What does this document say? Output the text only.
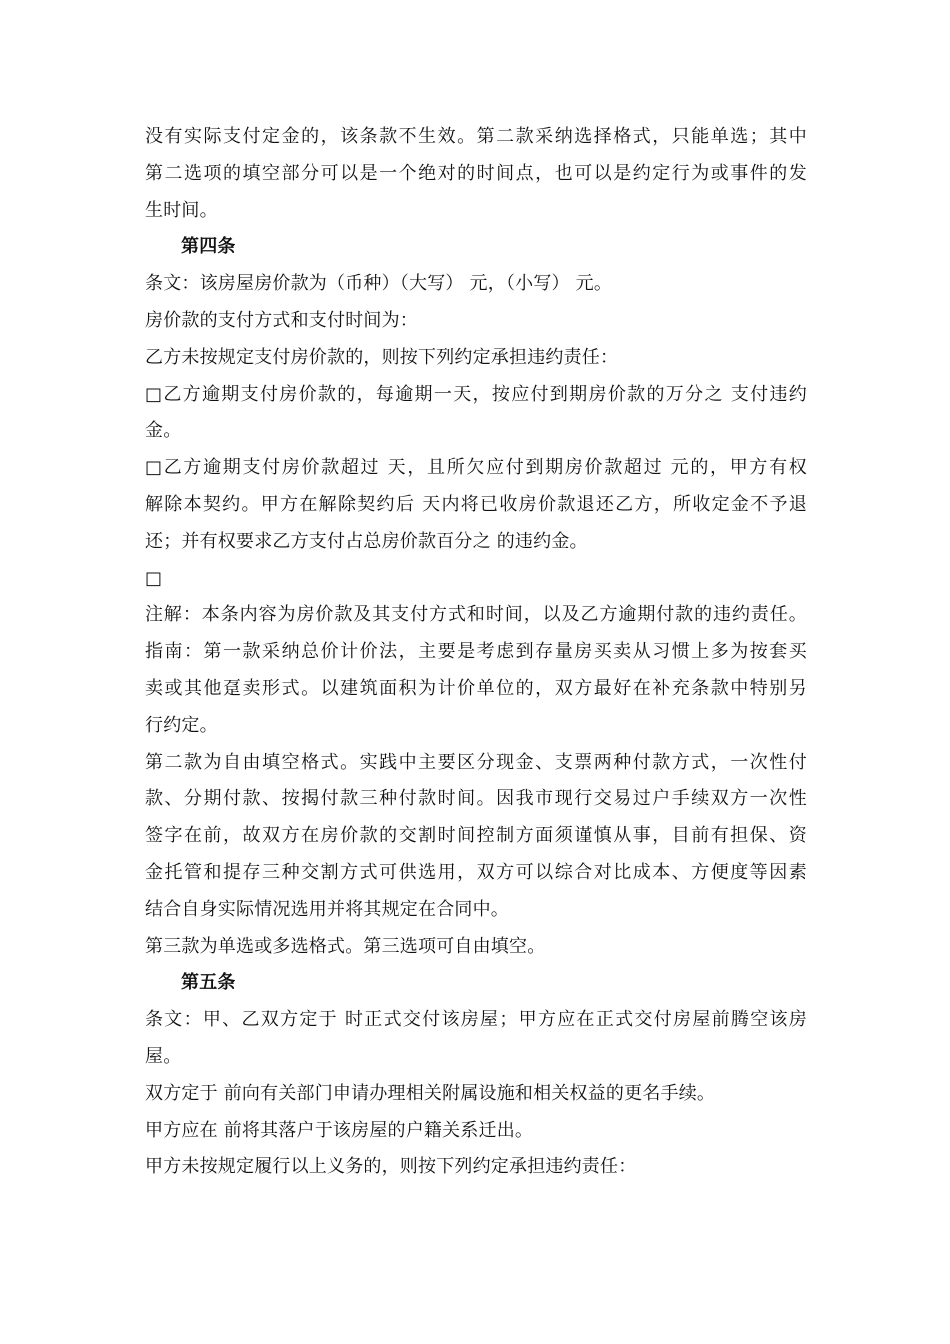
没有实际支付定金的，该条款不生效。第二款采纳选择格式，只能单选；其中
第二选项的填空部分可以是一个绝对的时间点，也可以是约定行为或事件的发
生时间。
第四条
条文：该房屋房价款为（币种）（大写） 元，（小写） 元。
房价款的支付方式和支付时间为：
乙方未按规定支付房价款的，则按下列约定承担违约责任：
□乙方逾期支付房价款的，每逾期一天，按应付到期房价款的万分之 支付违约
金。
□乙方逾期支付房价款超过 天，且所欠应付到期房价款超过 元的，甲方有权
解除本契约。甲方在解除契约后 天内将已收房价款退还乙方，所收定金不予退
还；并有权要求乙方支付占总房价款百分之 的违约金。
□
注解：本条内容为房价款及其支付方式和时间，以及乙方逾期付款的违约责任。
指南：第一款采纳总价计价法，主要是考虑到存量房买卖从习惯上多为按套买
卖或其他趸卖形式。以建筑面积为计价单位的，双方最好在补充条款中特别另
行约定。
第二款为自由填空格式。实践中主要区分现金、支票两种付款方式，一次性付
款、分期付款、按揭付款三种付款时间。因我市现行交易过户手续双方一次性
签字在前，故双方在房价款的交割时间控制方面须谨慎从事，目前有担保、资
金托管和提存三种交割方式可供选用，双方可以综合对比成本、方便度等因素
结合自身实际情况选用并将其规定在合同中。
第三款为单选或多选格式。第三选项可自由填空。
第五条
条文：甲、乙双方定于 时正式交付该房屋；甲方应在正式交付房屋前腾空该房
屋。
双方定于 前向有关部门申请办理相关附属设施和相关权益的更名手续。
甲方应在 前将其落户于该房屋的户籍关系迁出。
甲方未按规定履行以上义务的，则按下列约定承担违约责任：
